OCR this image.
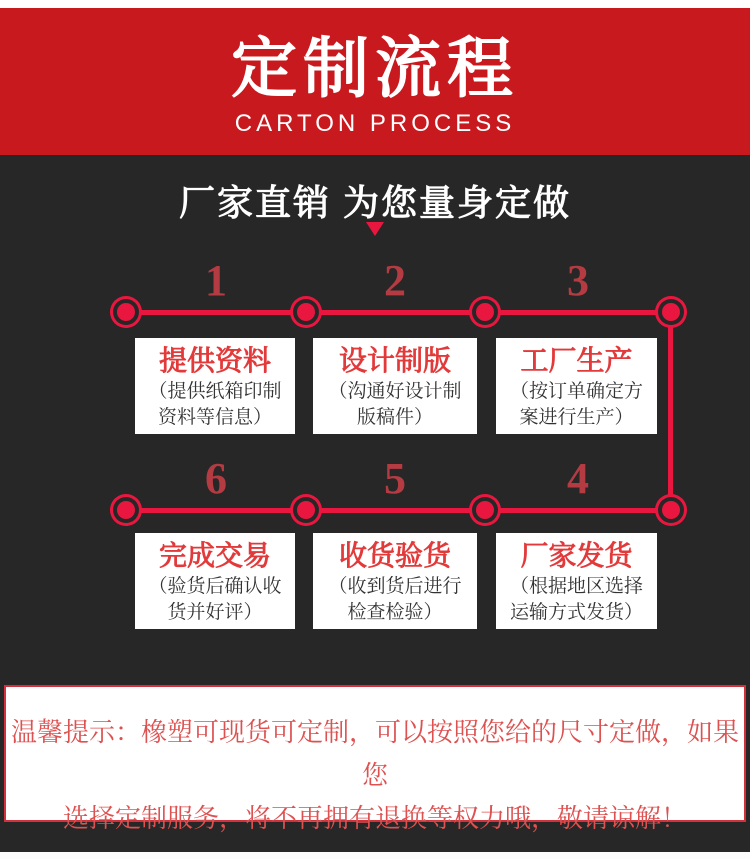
定制流程
CARTON PROCESS
厂家直销 为您量身定做
1	2	3
提供资料
（提供纸箱印制
资料等信息）
设计制版
（沟通好设计制
版稿件）
工厂生产
（按订单确定方
案进行生产）
6	5	4
完成交易
（验货后确认收
货并好评）
收货验货
（收到货后进行
检查检验）
厂家发货
（根据地区选择
运输方式发货）

温馨提示：橡塑可现货可定制，可以按照您给的尺寸定做，如果您

选择定制服务，将不再拥有退换等权力哦，敬请谅解！
